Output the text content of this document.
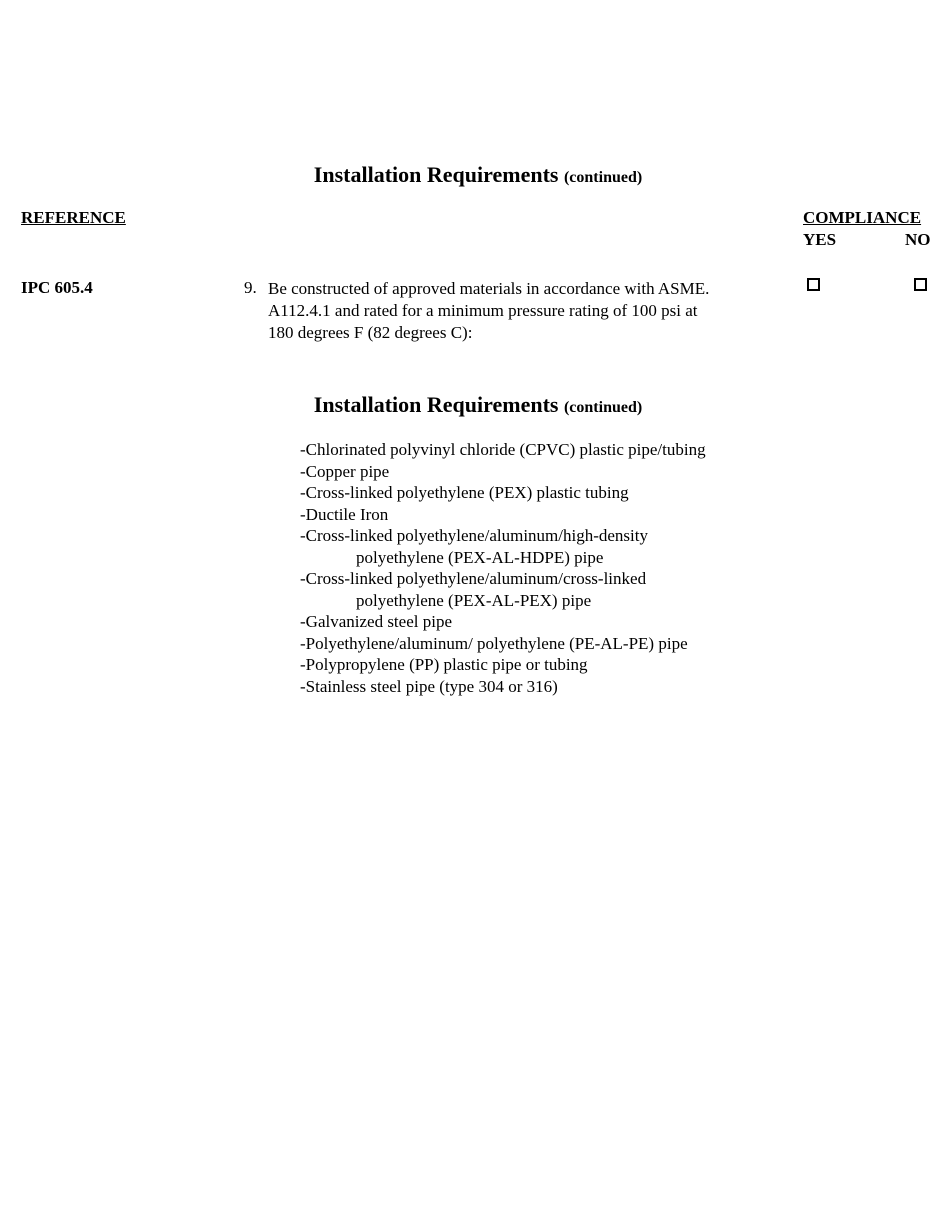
Installation Requirements (continued)
REFERENCE	COMPLIANCE
YES	NO
IPC 605.4	9. Be constructed of approved materials in accordance with ASME.
A112.4.1 and rated for a minimum pressure rating of 100 psi at
180 degrees F (82 degrees C):
Installation Requirements (continued)
-Chlorinated polyvinyl chloride (CPVC) plastic pipe/tubing
-Copper pipe
-Cross-linked polyethylene (PEX) plastic tubing
-Ductile Iron
-Cross-linked polyethylene/aluminum/high-density
polyethylene (PEX-AL-HDPE) pipe
-Cross-linked polyethylene/aluminum/cross-linked
polyethylene (PEX-AL-PEX) pipe
-Galvanized steel pipe
-Polyethylene/aluminum/ polyethylene (PE-AL-PE) pipe
-Polypropylene (PP) plastic pipe or tubing
-Stainless steel pipe (type 304 or 316)
